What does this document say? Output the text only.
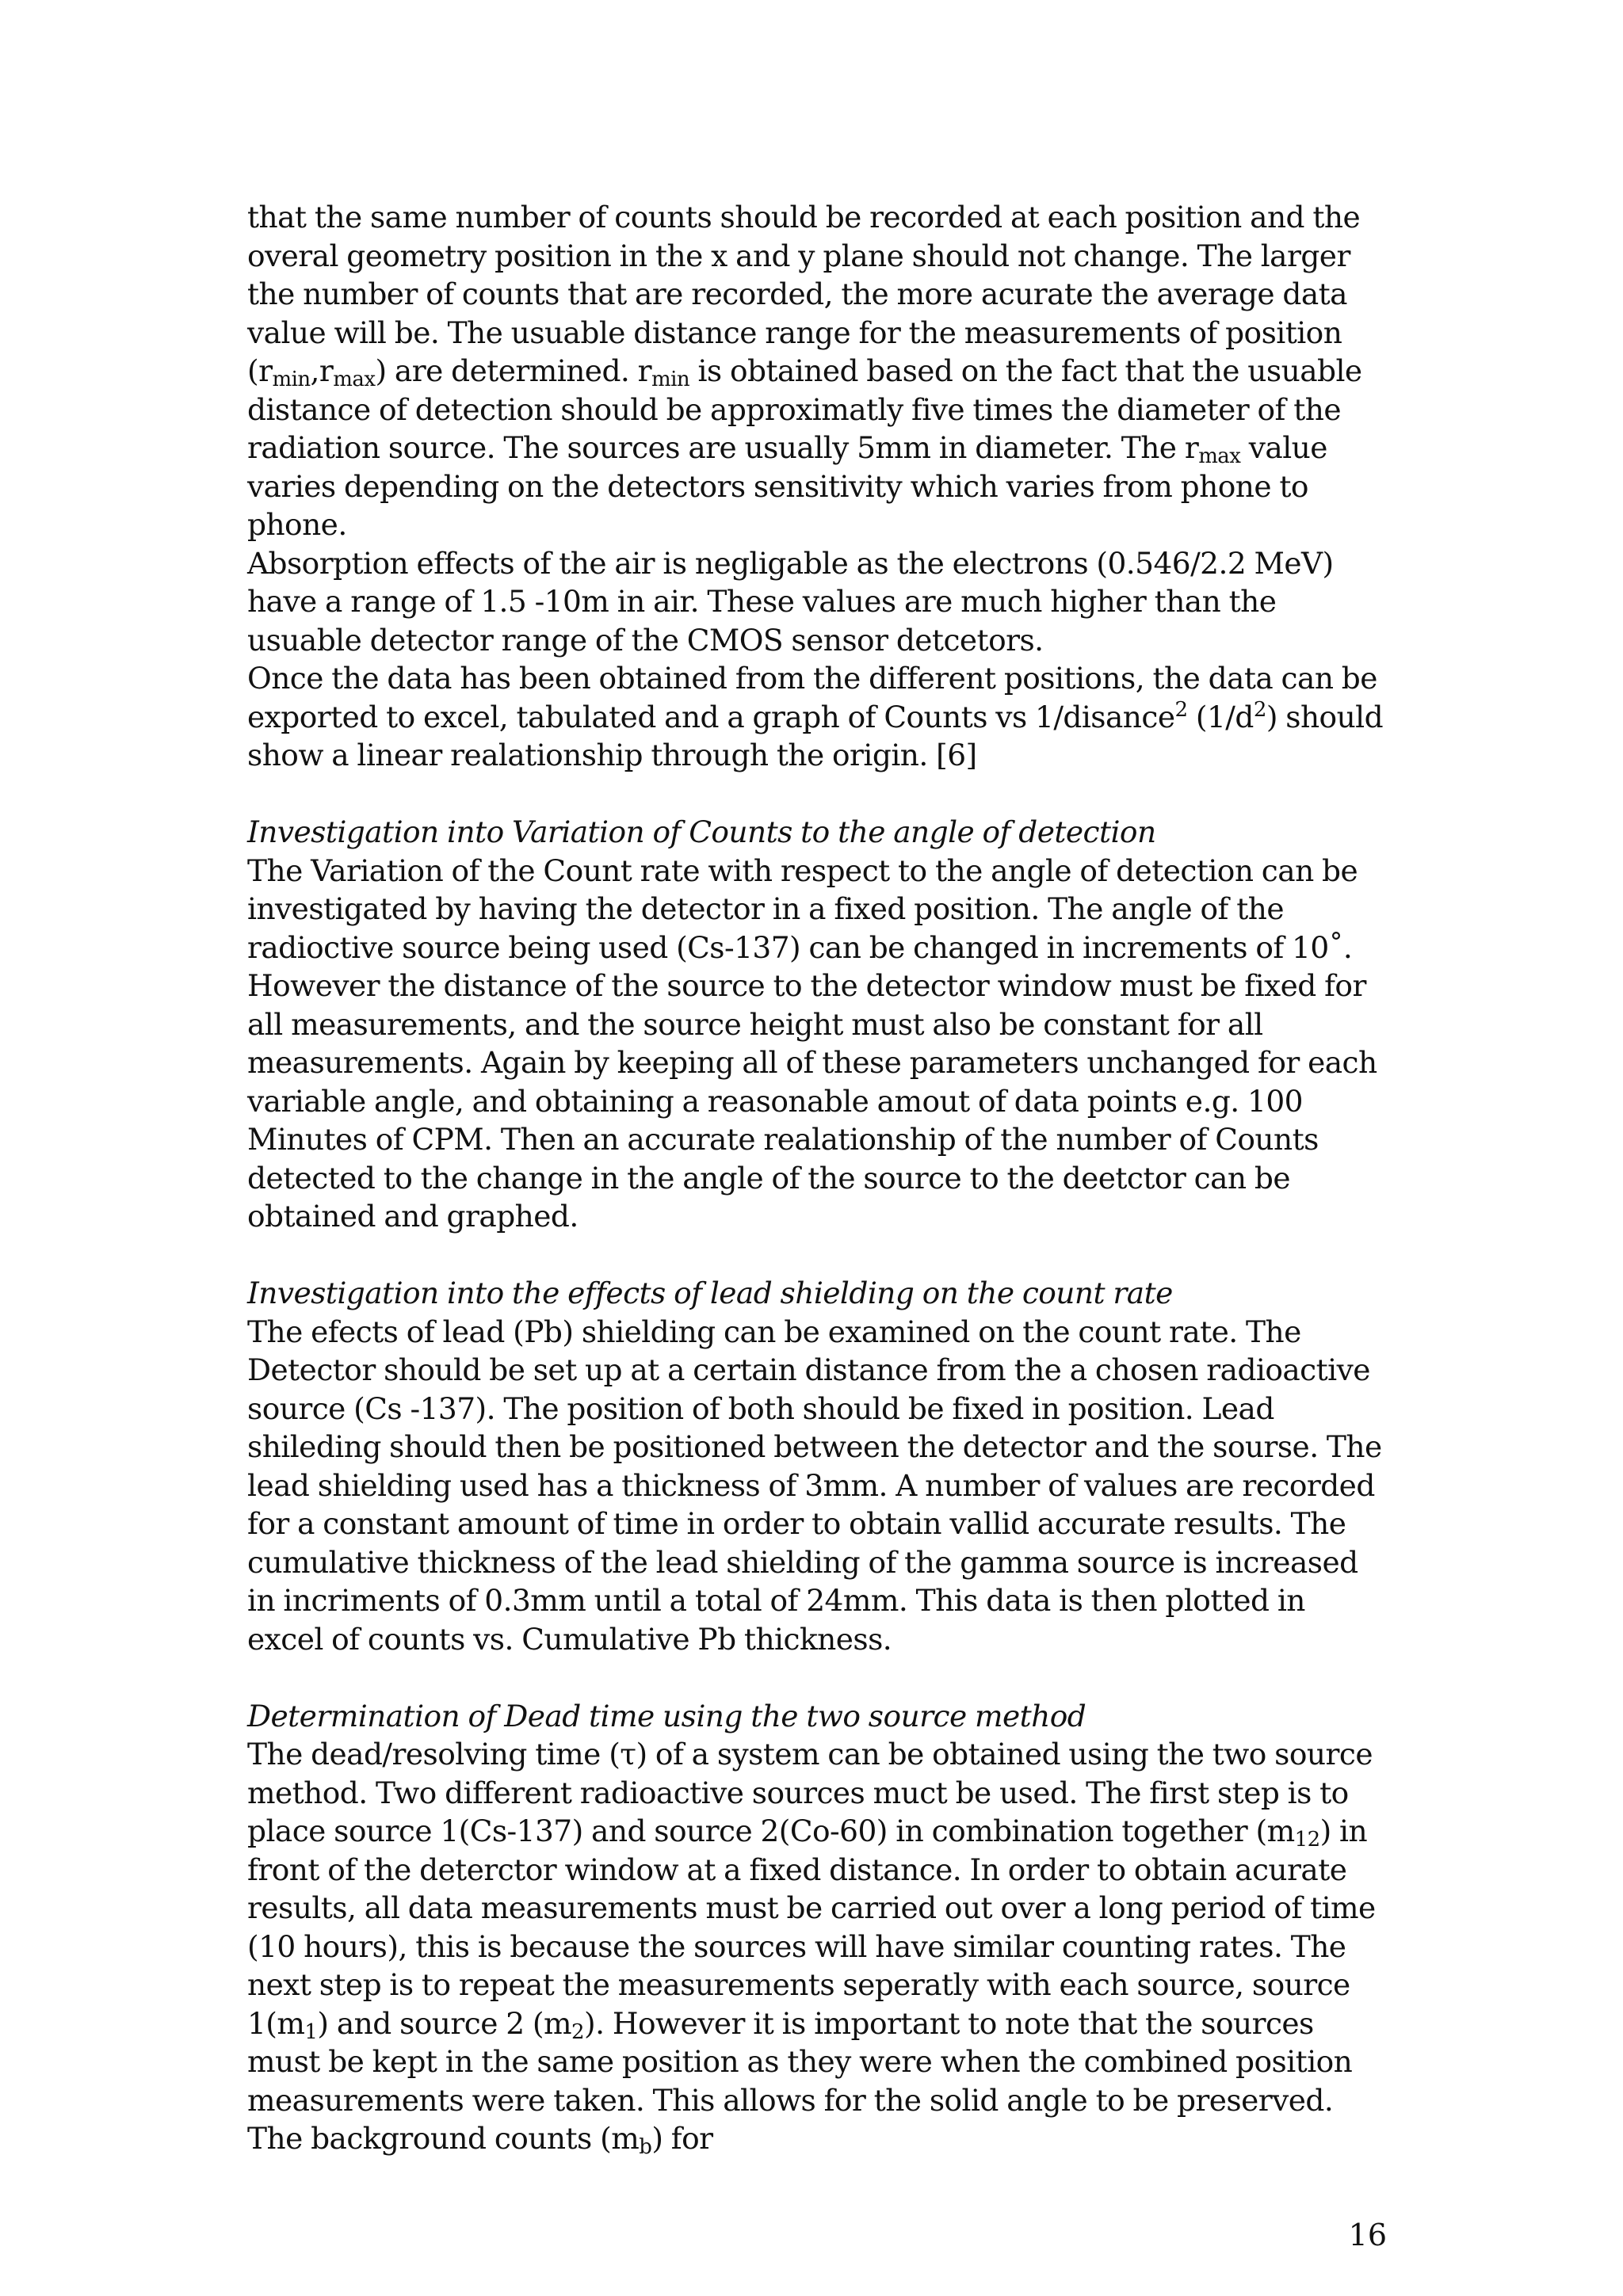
that the same number of counts should be recorded at each position and the overal geometry position in the x and y plane should not change. The larger the number of counts that are recorded, the more acurate the average data value will be. The usuable distance range for the measurements of position $(r_{min},r_{max})$ are determined. $r_{min}$ is obtained based on the fact that the usuable distance of detection should be approximatly five times the diameter of the radiation source. The sources are usually 5mm in diameter. The $r_{max}$ value varies depending on the detectors sensitivity which varies from phone to phone.

Absorption effects of the air is negligable as the electrons (0.546/2.2 MeV) have a range of 1.5 -10m in air. These values are much higher than the usuable detector range of the CMOS sensor detcetors.

Once the data has been obtained from the different positions, the data can be exported to excel, tabulated and a graph of Counts vs 1/disance$^2$ $(1/d^2)$ should show a linear realationship through the origin. [6]

Investigation into Variation of Counts to the angle of detection

The Variation of the Count rate with respect to the angle of detection can be investigated by having the detector in a fixed position. The angle of the radioctive source being used (Cs-137) can be changed in increments of 10˚. However the distance of the source to the detector window must be fixed for all measurements, and the source height must also be constant for all measurements. Again by keeping all of these parameters unchanged for each variable angle, and obtaining a reasonable amout of data points e.g. 100 Minutes of CPM. Then an accurate realationship of the number of Counts detected to the change in the angle of the source to the deetctor can be obtained and graphed.

Investigation into the effects of lead shielding on the count rate

The efects of lead (Pb) shielding can be examined on the count rate. The Detector should be set up at a certain distance from the a chosen radioactive source (Cs -137). The position of both should be fixed in position. Lead shileding should then be positioned between the detector and the sourse. The lead shielding used has a thickness of 3mm. A number of values are recorded for a constant amount of time in order to obtain vallid accurate results. The cumulative thickness of the lead shielding of the gamma source is increased in incriments of 0.3mm until a total of 24mm. This data is then plotted in excel of counts vs. Cumulative Pb thickness.

Determination of Dead time using the two source method

The dead/resolving time (τ) of a system can be obtained using the two source method. Two different radioactive sources muct be used. The first step is to place source 1(Cs-137) and source 2(Co-60) in combination together $(m_{12})$ in front of the deterctor window at a fixed distance. In order to obtain acurate results, all data measurements must be carried out over a long period of time (10 hours), this is because the sources will have similar counting rates. The next step is to repeat the measurements seperatly with each source, source $1(m_1)$ and source 2 $(m_2)$. However it is important to note that the sources must be kept in the same position as they were when the combined position measurements were taken. This allows for the solid angle to be preserved. The background counts $(m_b)$ for

16
